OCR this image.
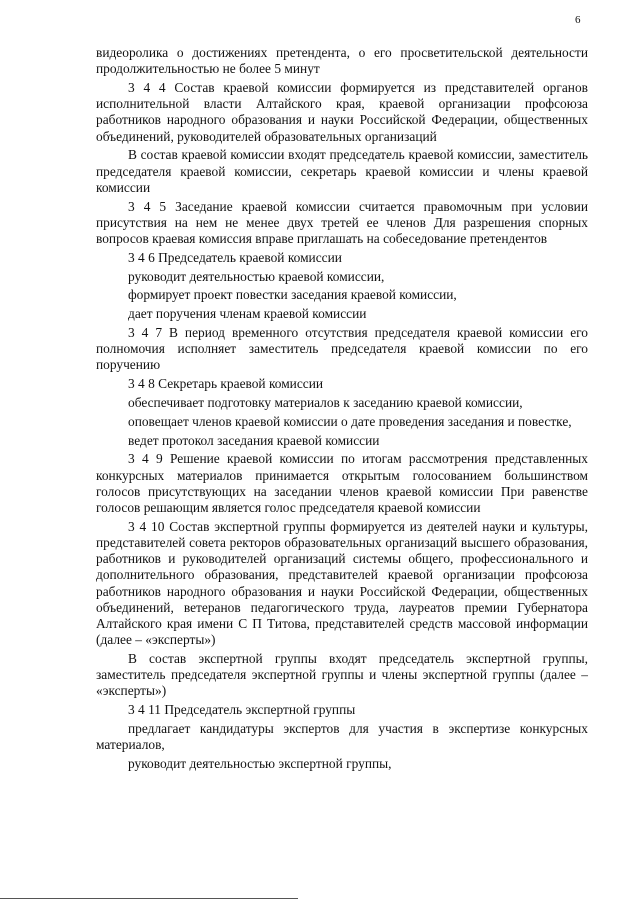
6

видеоролика о достижениях претендента, о его просветительской деятельности продолжительностью не более 5 минут

3 4 4 Состав краевой комиссии формируется из представителей органов исполнительной власти Алтайского края, краевой организации профсоюза работников народного образования и науки Российской Федерации, общественных объединений, руководителей образовательных организаций

В состав краевой комиссии входят председатель краевой комиссии, заместитель председателя краевой комиссии, секретарь краевой комиссии и члены краевой комиссии

3 4 5 Заседание краевой комиссии считается правомочным при условии присутствия на нем не менее двух третей ее членов Для разрешения спорных вопросов краевая комиссия вправе приглашать на собеседование претендентов

3 4 6 Председатель краевой комиссии

руководит деятельностью краевой комиссии,

формирует проект повестки заседания краевой комиссии,

дает поручения членам краевой комиссии

3 4 7 В период временного отсутствия председателя краевой комиссии его полномочия исполняет заместитель председателя краевой комиссии по его поручению

3 4 8 Секретарь краевой комиссии

обеспечивает подготовку материалов к заседанию краевой комиссии,

оповещает членов краевой комиссии о дате проведения заседания и повестке,

ведет протокол заседания краевой комиссии

3 4 9 Решение краевой комиссии по итогам рассмотрения представленных конкурсных материалов принимается открытым голосованием большинством голосов присутствующих на заседании членов краевой комиссии При равенстве голосов решающим является голос председателя краевой комиссии

3 4 10 Состав экспертной группы формируется из деятелей науки и культуры, представителей совета ректоров образовательных организаций высшего образования, работников и руководителей организаций системы общего, профессионального и дополнительного образования, представителей краевой организации профсоюза работников народного образования и науки Российской Федерации, общественных объединений, ветеранов педагогического труда, лауреатов премии Губернатора Алтайского края имени С П Титова, представителей средств массовой информации (далее – «эксперты»)

В состав экспертной группы входят председатель экспертной группы, заместитель председателя экспертной группы и члены экспертной группы (далее – «эксперты»)

3 4 11 Председатель экспертной группы

предлагает кандидатуры экспертов для участия в экспертизе конкурсных материалов,

руководит деятельностью экспертной группы,
